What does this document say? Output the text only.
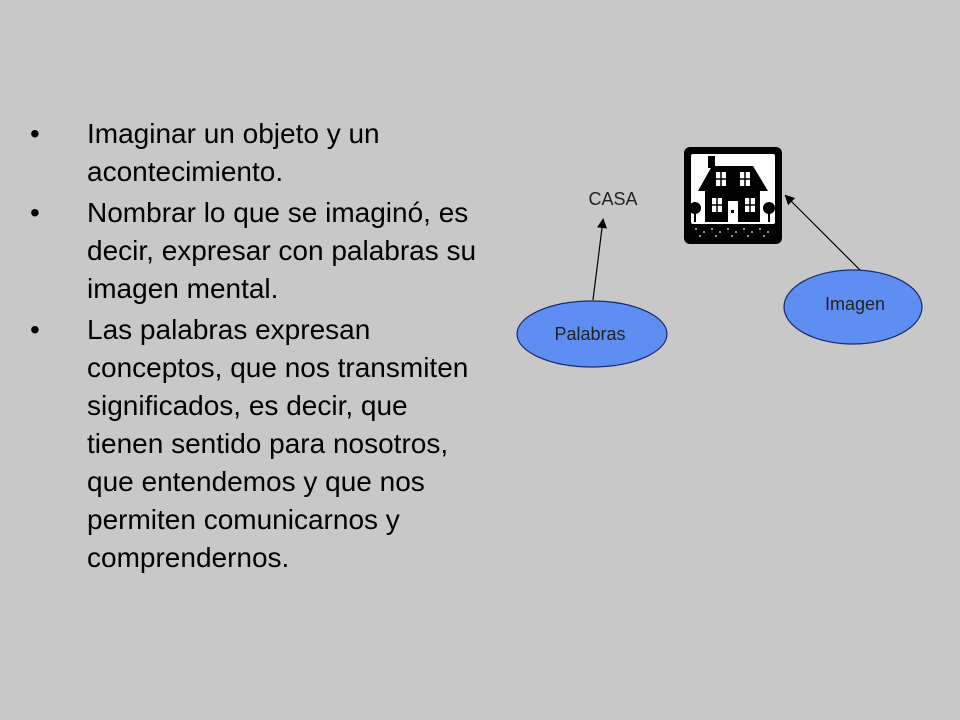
• Imaginar un objeto y un acontecimiento.
• Nombrar lo que se imaginó, es decir, expresar con palabras su imagen mental.
• Las palabras expresan conceptos, que nos transmiten significados, es decir, que tienen sentido para nosotros, que entendemos y que nos permiten comunicarnos y comprendernos.
CASA
Palabras
Imagen
